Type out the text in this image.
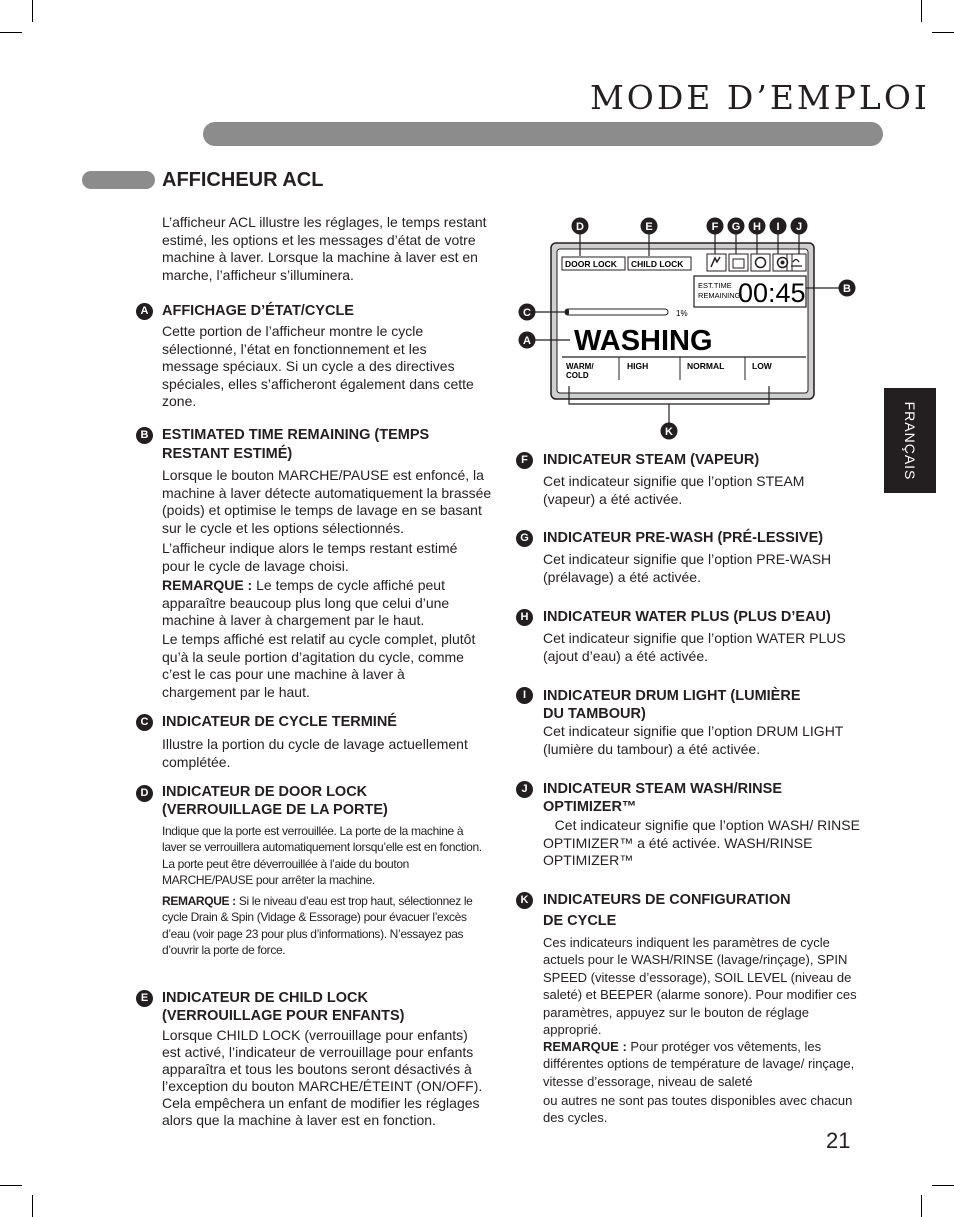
MODE D’EMPLOI
AFFICHEUR ACL
FRANÇAIS

L’afficheur ACL illustre les réglages, le temps restant estimé, les options et les messages d’état de votre machine à laver. Lorsque la machine à laver est en marche, l’afficheur s’illuminera.

A AFFICHAGE D’ÉTAT/CYCLE

Cette portion de l’afficheur montre le cycle sélectionné, l’état en fonctionnement et les message spéciaux. Si un cycle a des directives spéciales, elles s’afficheront également dans cette zone.

B ESTIMATED TIME REMAINING (TEMPS
RESTANT ESTIMÉ)

Lorsque le bouton MARCHE/PAUSE est enfoncé, la machine à laver détecte automatiquement la brassée (poids) et optimise le temps de lavage en se basant sur le cycle et les options sélectionnés.

L’afficheur indique alors le temps restant estimé pour le cycle de lavage choisi.

REMARQUE : Le temps de cycle affiché peut apparaître beaucoup plus long que celui d’une machine à laver à chargement par le haut.

Le temps affiché est relatif au cycle complet, plutôt qu’à la seule portion d’agitation du cycle, comme c’est le cas pour une machine à laver à chargement par le haut.

C INDICATEUR DE CYCLE TERMINÉ

Illustre la portion du cycle de lavage actuellement complétée.

D INDICATEUR DE DOOR LOCK
(VERROUILLAGE DE LA PORTE)

Indique que la porte est verrouillée. La porte de la machine à laver se verrouillera automatiquement lorsqu’elle est en fonction. La porte peut être déverrouillée à l’aide du bouton MARCHE/PAUSE pour arrêter la machine.

REMARQUE : Si le niveau d’eau est trop haut, sélectionnez le cycle Drain & Spin (Vidage & Essorage) pour évacuer l’excès d’eau (voir page 23 pour plus d’informations). N’essayez pas d’ouvrir la porte de force.

E INDICATEUR DE CHILD LOCK
(VERROUILLAGE POUR ENFANTS)

Lorsque CHILD LOCK (verrouillage pour enfants) est activé, l’indicateur de verrouillage pour enfants apparaîtra et tous les boutons seront désactivés à l’exception du bouton MARCHE/ÉTEINT (ON/OFF). Cela empêchera un enfant de modifier les réglages alors que la machine à laver est en fonction.

DOOR LOCK CHILD LOCK
EST.TIME
REMAINING
00:45
1%
WASHING
WARM/
COLD
HIGH	NORMAL	LOW
D	E	F G H I J
B
C
A
K
F	INDICATEUR STEAM (VAPEUR)

Cet indicateur signifie que l’option STEAM (vapeur) a été activée.

G INDICATEUR PRE-WASH (PRÉ-LESSIVE)

Cet indicateur signifie que l’option PRE-WASH (prélavage) a été activée.

H	INDICATEUR WATER PLUS (PLUS D’EAU)

Cet indicateur signifie que l’option WATER PLUS (ajout d’eau) a été activée.

I	INDICATEUR DRUM LIGHT (LUMIÈRE
DU TAMBOUR)

Cet indicateur signifie que l’option DRUM LIGHT (lumière du tambour) a été activée.

J	INDICATEUR STEAM WASH/RINSE
OPTIMIZER™

Cet indicateur signifie que l’option WASH/ RINSE OPTIMIZER™ a été activée. WASH/RINSE OPTIMIZER™

K	INDICATEURS DE CONFIGURATION
DE CYCLE

Ces indicateurs indiquent les paramètres de cycle actuels pour le WASH/RINSE (lavage/rinçage), SPIN SPEED (vitesse d’essorage), SOIL LEVEL (niveau de saleté) et BEEPER (alarme sonore). Pour modifier ces paramètres, appuyez sur le bouton de réglage approprié.

REMARQUE : Pour protéger vos vêtements, les différentes options de température de lavage/ rinçage, vitesse d’essorage, niveau de saleté

ou autres ne sont pas toutes disponibles avec chacun des cycles.

21
